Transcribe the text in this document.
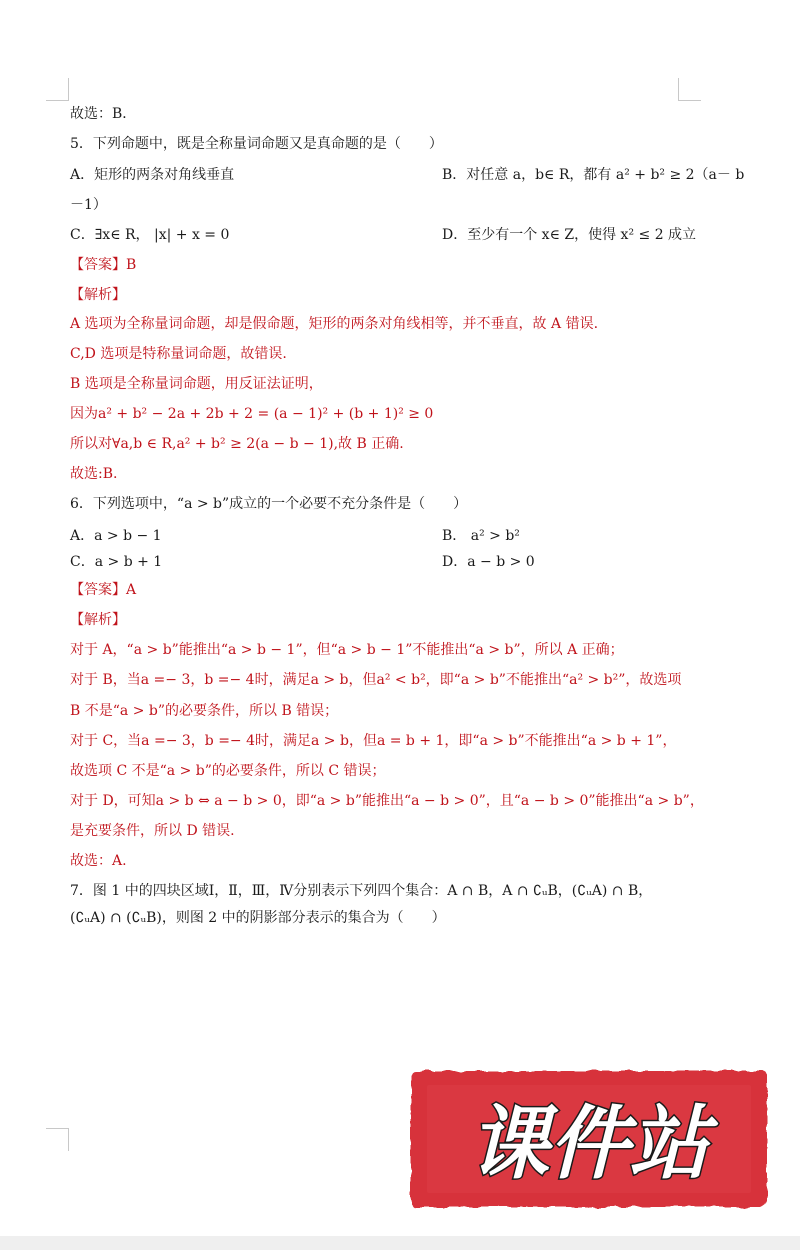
故选：B．
5．下列命题中，既是全称量词命题又是真命题的是（　　）
A．矩形的两条对角线垂直	B．对任意 a，b∈ R，都有 a² + b² ≥ 2（a－ b
－1）
C．∃x∈ R， |x| + x = 0	D．至少有一个 x∈ Z，使得 x² ≤ 2 成立
【答案】B
【解析】
A 选项为全称量词命题，却是假命题，矩形的两条对角线相等，并不垂直，故 A 错误.
C,D 选项是特称量词命题，故错误.
B 选项是全称量词命题，用反证法证明，
因为a² + b² − 2a + 2b + 2 = (a − 1)² + (b + 1)² ≥ 0
所以对∀a,b ∈ R,a² + b² ≥ 2(a − b − 1),故 B 正确.
故选:B.
6．下列选项中，“a > b”成立的一个必要不充分条件是（　　）
A．a > b − 1	B． a² > b²
C．a > b + 1	D．a − b > 0
【答案】A
【解析】
对于 A，“a > b”能推出“a > b − 1”，但“a > b − 1”不能推出“a > b”，所以 A 正确；
对于 B，当a =− 3，b =− 4时，满足a > b，但a² < b²，即“a > b”不能推出“a² > b²”，故选项
B 不是“a > b”的必要条件，所以 B 错误；
对于 C，当a =− 3，b =− 4时，满足a > b，但a = b + 1，即“a > b”不能推出“a > b + 1”，
故选项 C 不是“a > b”的必要条件，所以 C 错误；
对于 D，可知a > b ⇔ a − b > 0，即“a > b”能推出“a − b > 0”，且“a − b > 0”能推出“a > b”，
是充要条件，所以 D 错误.
故选：A.
7．图 1 中的四块区域Ⅰ，Ⅱ，Ⅲ，Ⅳ分别表示下列四个集合：A ∩ B，A ∩ ∁ᵤB，(∁ᵤA) ∩ B，
(∁ᵤA) ∩ (∁ᵤB)，则图 2 中的阴影部分表示的集合为（　　）
课件站
